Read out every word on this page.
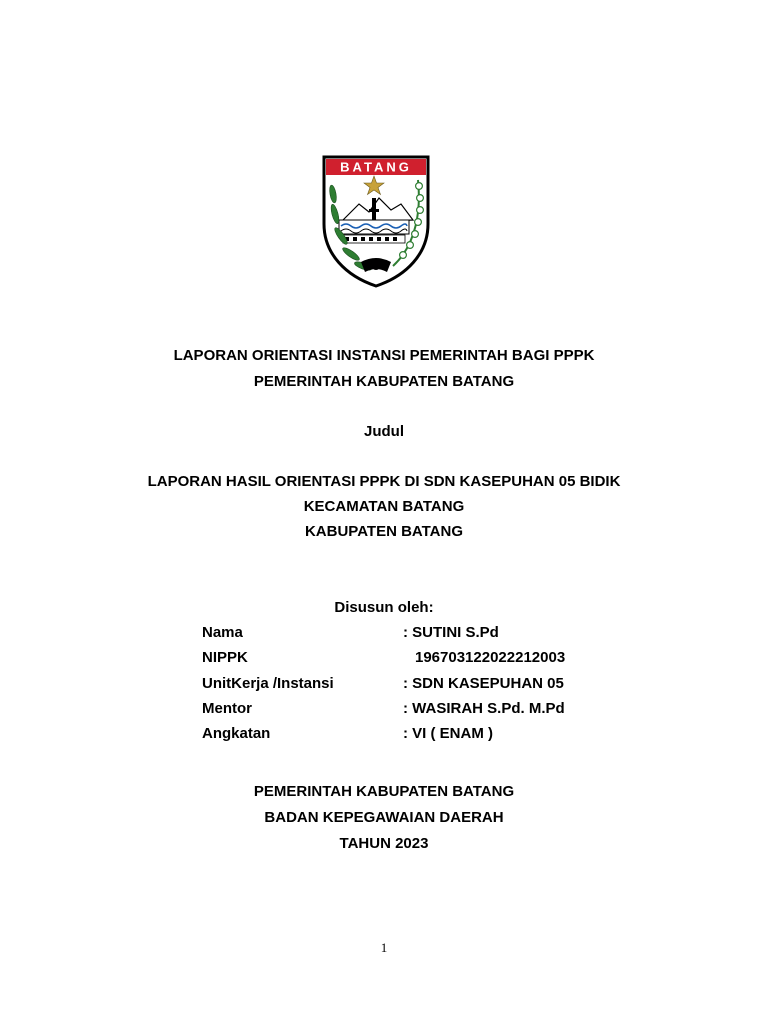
BATANG
LAPORAN ORIENTASI INSTANSI PEMERINTAH BAGI PPPK
PEMERINTAH KABUPATEN BATANG
Judul
LAPORAN HASIL ORIENTASI PPPK DI SDN KASEPUHAN 05 BIDIK
KECAMATAN BATANG
KABUPATEN BATANG
Disusun oleh:
Nama	: SUTINI S.Pd
NIPPK	196703122022212003
UnitKerja /Instansi	: SDN KASEPUHAN 05
Mentor	: WASIRAH S.Pd. M.Pd
Angkatan	: VI ( ENAM )
PEMERINTAH KABUPATEN BATANG
BADAN KEPEGAWAIAN DAERAH
TAHUN 2023
1
